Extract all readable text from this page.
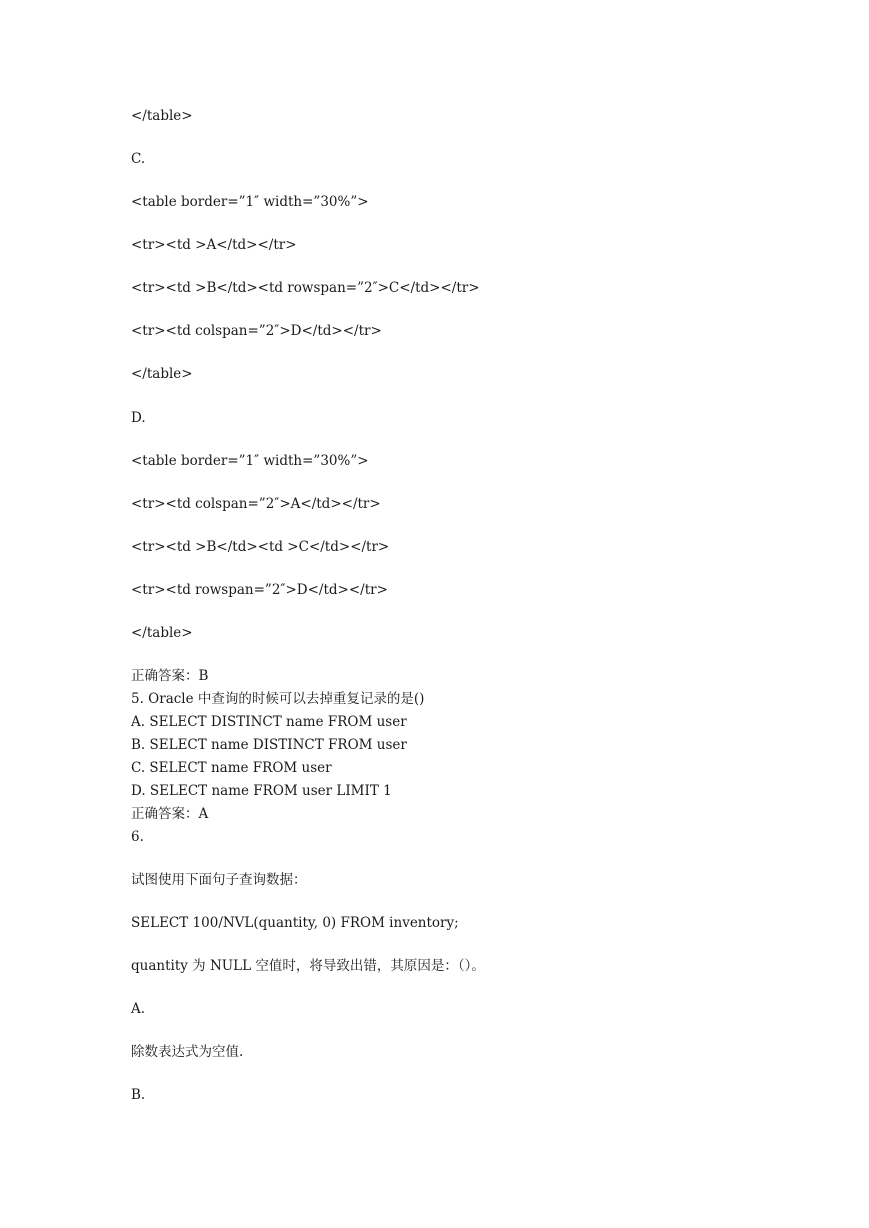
</table>
C.
<table border=”1″ width=”30%”>
<tr><td >A</td></tr>
<tr><td >B</td><td rowspan=”2″>C</td></tr>
<tr><td colspan=”2″>D</td></tr>
</table>
D.
<table border=”1″ width=”30%”>
<tr><td colspan=”2″>A</td></tr>
<tr><td >B</td><td >C</td></tr>
<tr><td rowspan=”2″>D</td></tr>
</table>
正确答案：B
5. Oracle 中查询的时候可以去掉重复记录的是()
A. SELECT DISTINCT name FROM user
B. SELECT name DISTINCT FROM user
C. SELECT name FROM user
D. SELECT name FROM user LIMIT 1
正确答案：A
6.
试图使用下面句子查询数据：
SELECT 100/NVL(quantity, 0) FROM inventory;
quantity 为 NULL 空值时，将导致出错，其原因是：（）。
A.
除数表达式为空值.
B.
